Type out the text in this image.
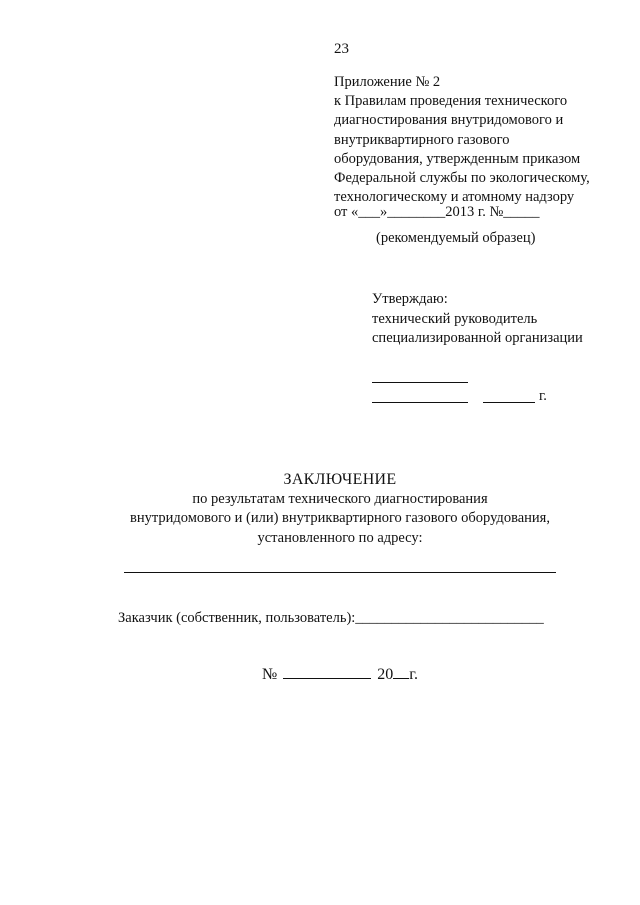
23
Приложение № 2
к Правилам проведения технического
диагностирования внутридомового и
внутриквартирного газового
оборудования, утвержденным приказом
Федеральной службы по экологическому,
технологическому и атомному надзору
от «___»________2013 г. №_____
(рекомендуемый образец)
Утверждаю:
технический руководитель
специализированной организации
г.
ЗАКЛЮЧЕНИЕ
по результатам технического диагностирования
внутридомового и (или) внутриквартирного газового оборудования,
установленного по адресу:
Заказчик (собственник, пользователь):__________________________
№	20 г.
